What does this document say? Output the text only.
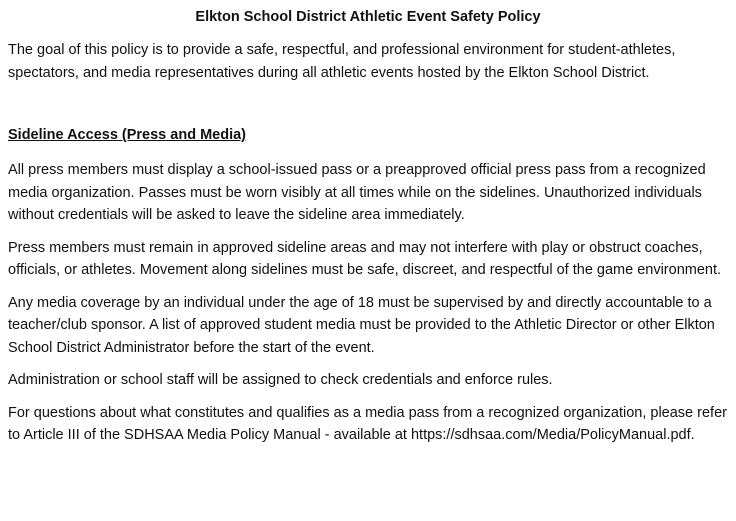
Elkton School District Athletic Event Safety Policy

The goal of this policy is to provide a safe, respectful, and professional environment for student-athletes, spectators, and media representatives during all athletic events hosted by the Elkton School District.

Sideline Access (Press and Media)

All press members must display a school-issued pass or a preapproved official press pass from a recognized media organization. Passes must be worn visibly at all times while on the sidelines. Unauthorized individuals without credentials will be asked to leave the sideline area immediately.

Press members must remain in approved sideline areas and may not interfere with play or obstruct coaches, officials, or athletes. Movement along sidelines must be safe, discreet, and respectful of the game environment.

Any media coverage by an individual under the age of 18 must be supervised by and directly accountable to a teacher/club sponsor. A list of approved student media must be provided to the Athletic Director or other Elkton School District Administrator before the start of the event.

Administration or school staff will be assigned to check credentials and enforce rules.

For questions about what constitutes and qualifies as a media pass from a recognized organization, please refer to Article III of the SDHSAA Media Policy Manual - available at https://sdhsaa.com/Media/PolicyManual.pdf.
